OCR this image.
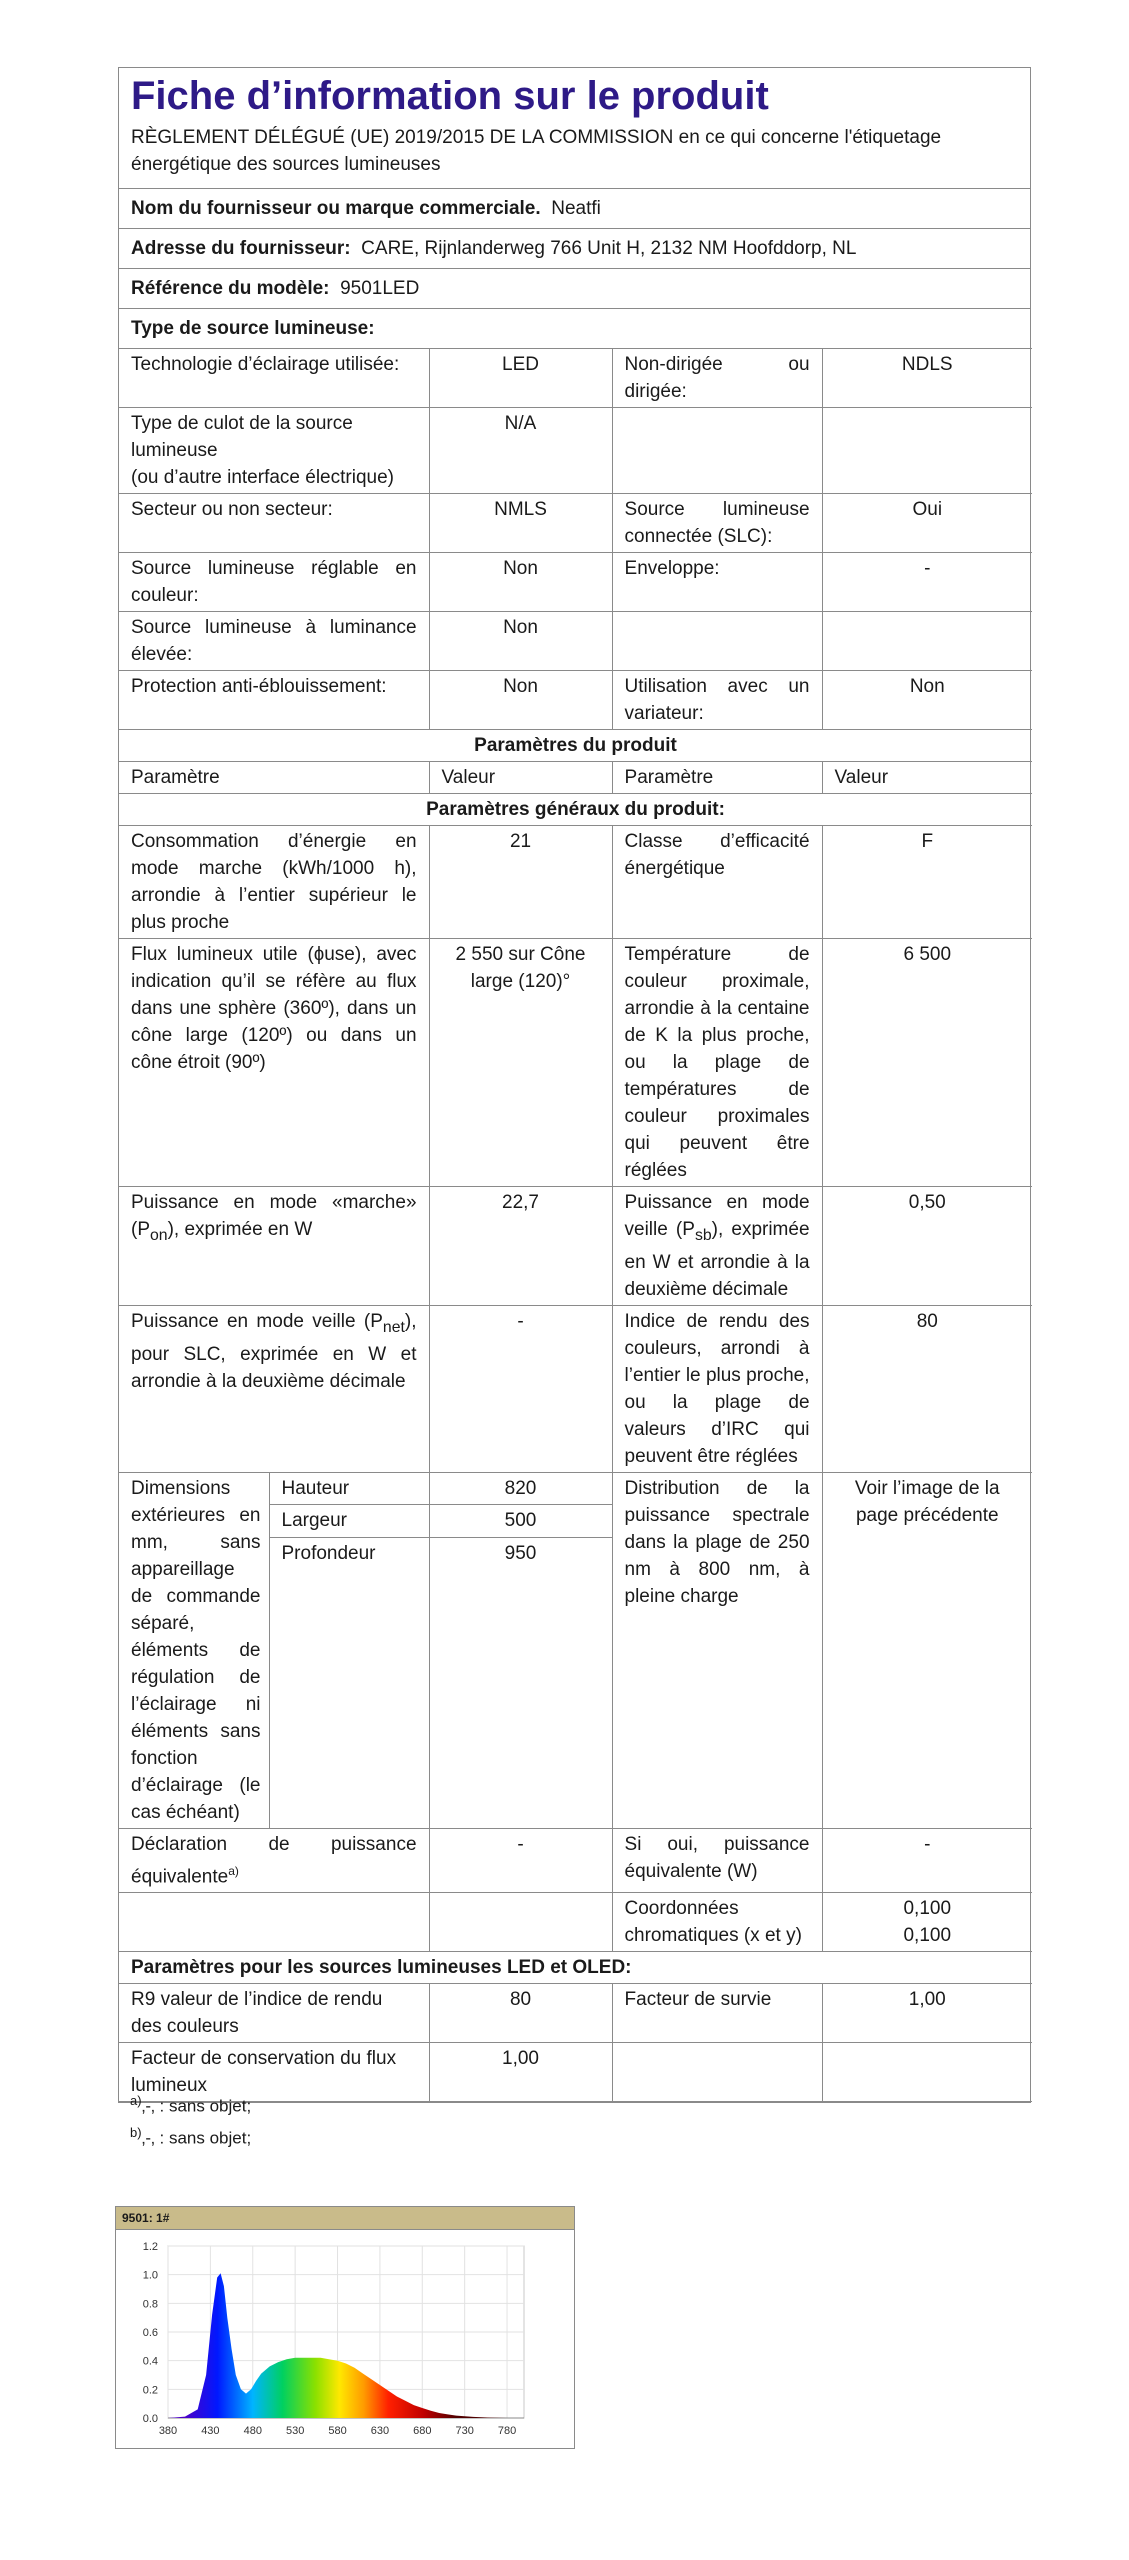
Fiche d’information sur le produit
RÈGLEMENT DÉLÉGUÉ (UE) 2019/2015 DE LA COMMISSION en ce qui concerne l'étiquetage énergétique des sources lumineuses
Nom du fournisseur ou marque commerciale. Neatfi
Adresse du fournisseur: CARE, Rijnlanderweg 766 Unit H, 2132 NM Hoofddorp, NL
Référence du modèle: 9501LED
Type de source lumineuse:
Technologie d’éclairage utilisée:		LED	Non-dirigée ou dirigée:	NDLS

Type de culot de la source lumineuse
(ou d’autre interface électrique)		N/A		
Secteur ou non secteur:		NMLS	Source lumineuse connectée (SLC):	Oui
Source lumineuse réglable en couleur:		Non	Enveloppe:	-
Source lumineuse à luminance élevée:		Non		
Protection anti-éblouissement:		Non	Utilisation avec un variateur:	Non
Paramètres du produit				
Paramètre		Valeur	Paramètre	Valeur
Paramètres généraux du produit:				
Consommation d’énergie en mode marche (kWh/1000 h), arrondie à l’entier supérieur le plus proche		21	Classe d’efficacité énergétique	F
Flux lumineux utile (ɸuse), avec indication qu’il se réfère au flux dans une sphère (360º), dans un cône large (120º) ou dans un cône étroit (90º)		2 550 sur Cône large (120)°	Température de couleur proximale, arrondie à la centaine de K la plus proche, ou la plage de températures de couleur proximales qui peuvent être réglées	6 500
Puissance en mode «marche» $(P_{on})$, exprimée en W		22,7	Puissance en mode veille $(P_{sb})$, exprimée en W et arrondie à la deuxième décimale	0,50
Puissance en mode veille $(P_{net})$, pour SLC, exprimée en W et arrondie à la deuxième décimale		-	Indice de rendu des couleurs, arrondi à l’entier le plus proche, ou la plage de valeurs d’IRC qui peuvent être réglées	80
Dimensions extérieures en mm, sans appareillage de commande séparé, éléments de régulation de l’éclairage ni éléments sans fonction d’éclairage (le cas échéant)	Hauteur	820	Distribution de la puissance spectrale dans la plage de 250 nm à 800 nm, à pleine charge	Voir l’image de la page précédente
	Largeur	500		
	Profondeur	950		
Déclaration de puissance équivalente$^{a)}$		-	Si oui, puissance équivalente (W)	-
			Coordonnées chromatiques (x et y)	0,100
0,100

Paramètres pour les sources lumineuses LED et OLED:				
R9 valeur de l’indice de rendu des couleurs		80	Facteur de survie	1,00
Facteur de conservation du flux lumineux		1,00		
$^{a)}$‚-‚ : sans objet;
$^{b)}$‚-‚ : sans objet;
9501: 1#
380 430 480 530 580 630 680 730 780
0.0
0.2
0.4
0.6
0.8
1.0
1.2
